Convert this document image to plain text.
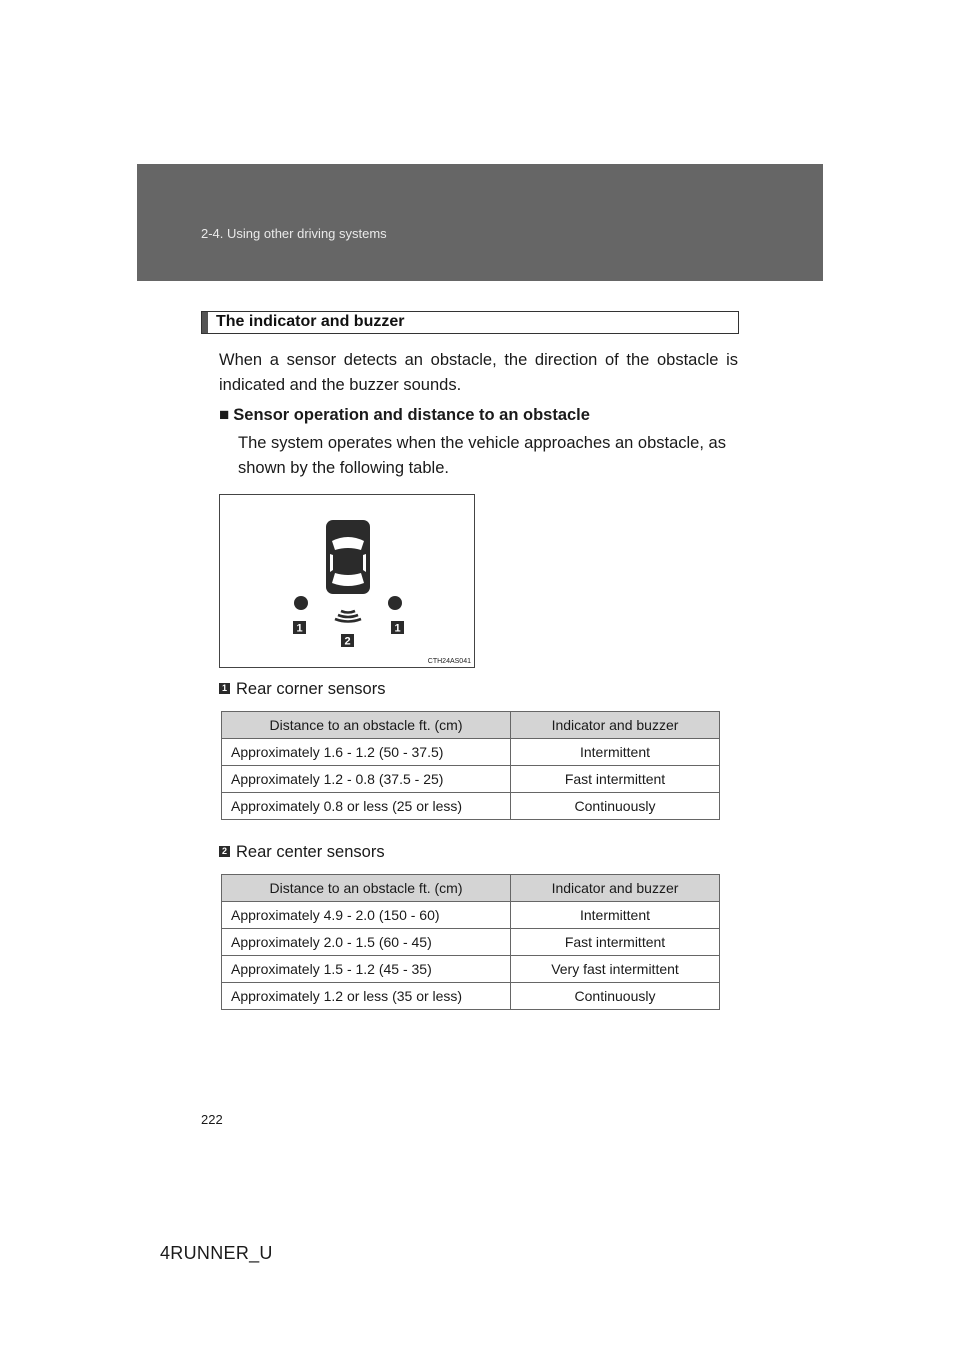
2-4. Using other driving systems
The indicator and buzzer
When a sensor detects an obstacle, the direction of the obstacle is indicated and the buzzer sounds.
■ Sensor operation and distance to an obstacle
The system operates when the vehicle approaches an obstacle, as shown by the following table.
1	1
2
CTH24AS041
1 Rear corner sensors
Distance to an obstacle ft. (cm)	Indicator and buzzer
Approximately 1.6 - 1.2 (50 - 37.5)	Intermittent
Approximately 1.2 - 0.8 (37.5 - 25)	Fast intermittent
Approximately 0.8 or less (25 or less)	Continuously
2 Rear center sensors
Distance to an obstacle ft. (cm)	Indicator and buzzer
Approximately 4.9 - 2.0 (150 - 60)	Intermittent
Approximately 2.0 - 1.5 (60 - 45)	Fast intermittent
Approximately 1.5 - 1.2 (45 - 35)	Very fast intermittent
Approximately 1.2 or less (35 or less)	Continuously
222
4RUNNER_U
